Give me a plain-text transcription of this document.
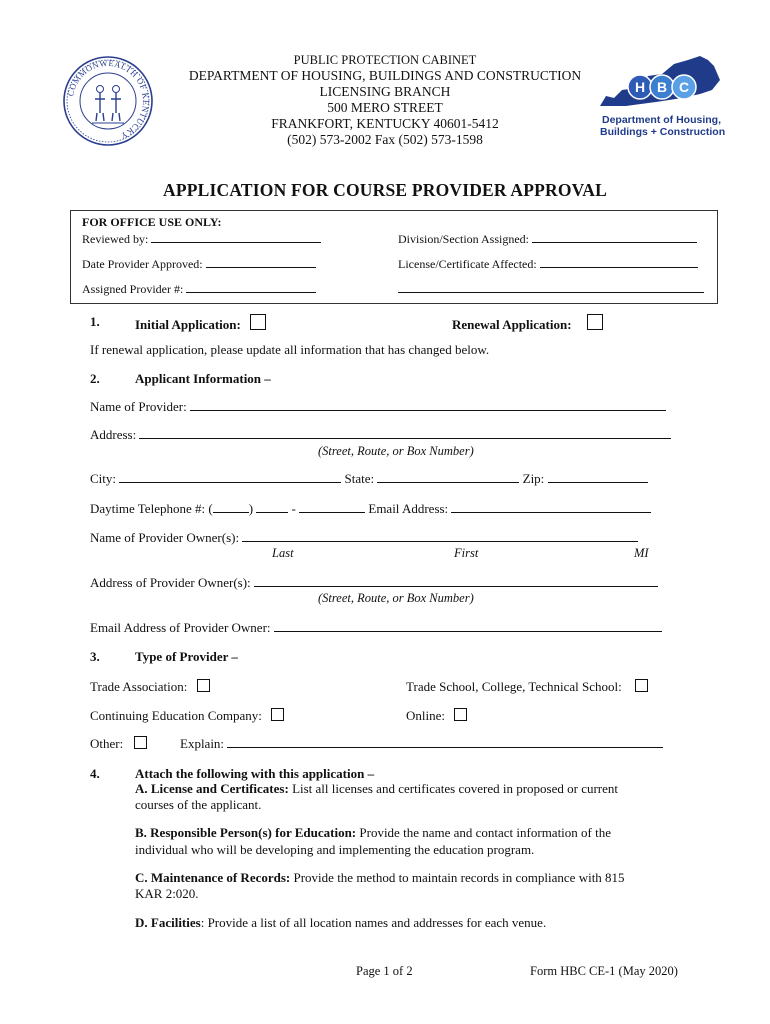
COMMONWEALTH OF KENTUCKY
PUBLIC PROTECTION CABINET
DEPARTMENT OF HOUSING, BUILDINGS AND CONSTRUCTION
LICENSING BRANCH
500 MERO STREET
FRANKFORT, KENTUCKY 40601-5412
(502) 573-2002 Fax (502) 573-1598
H B C
Department of Housing,
Buildings + Construction
APPLICATION FOR COURSE PROVIDER APPROVAL
FOR OFFICE USE ONLY:
Reviewed by:	Division/Section Assigned:
Date Provider Approved:	License/Certificate Affected:
Assigned Provider #:
1.	Initial Application:	Renewal Application:
If renewal application, please update all information that has changed below.
2.	Applicant Information –
Name of Provider:
Address:
(Street, Route, or Box Number)
City:	State:	Zip:
Daytime Telephone #: (	)	-	Email Address:
Name of Provider Owner(s):
Last	First	MI
Address of Provider Owner(s):
(Street, Route, or Box Number)
Email Address of Provider Owner:
3.	Type of Provider –
Trade Association:	Trade School, College, Technical School:
Continuing Education Company:	Online:
Other:	Explain:
4.	Attach the following with this application –
A. License and Certificates: List all licenses and certificates covered in proposed or current
courses of the applicant.
B. Responsible Person(s) for Education: Provide the name and contact information of the
individual who will be developing and implementing the education program.
C. Maintenance of Records: Provide the method to maintain records in compliance with 815
KAR 2:020.
D. Facilities: Provide a list of all location names and addresses for each venue.
Page 1 of 2	Form HBC CE-1 (May 2020)
